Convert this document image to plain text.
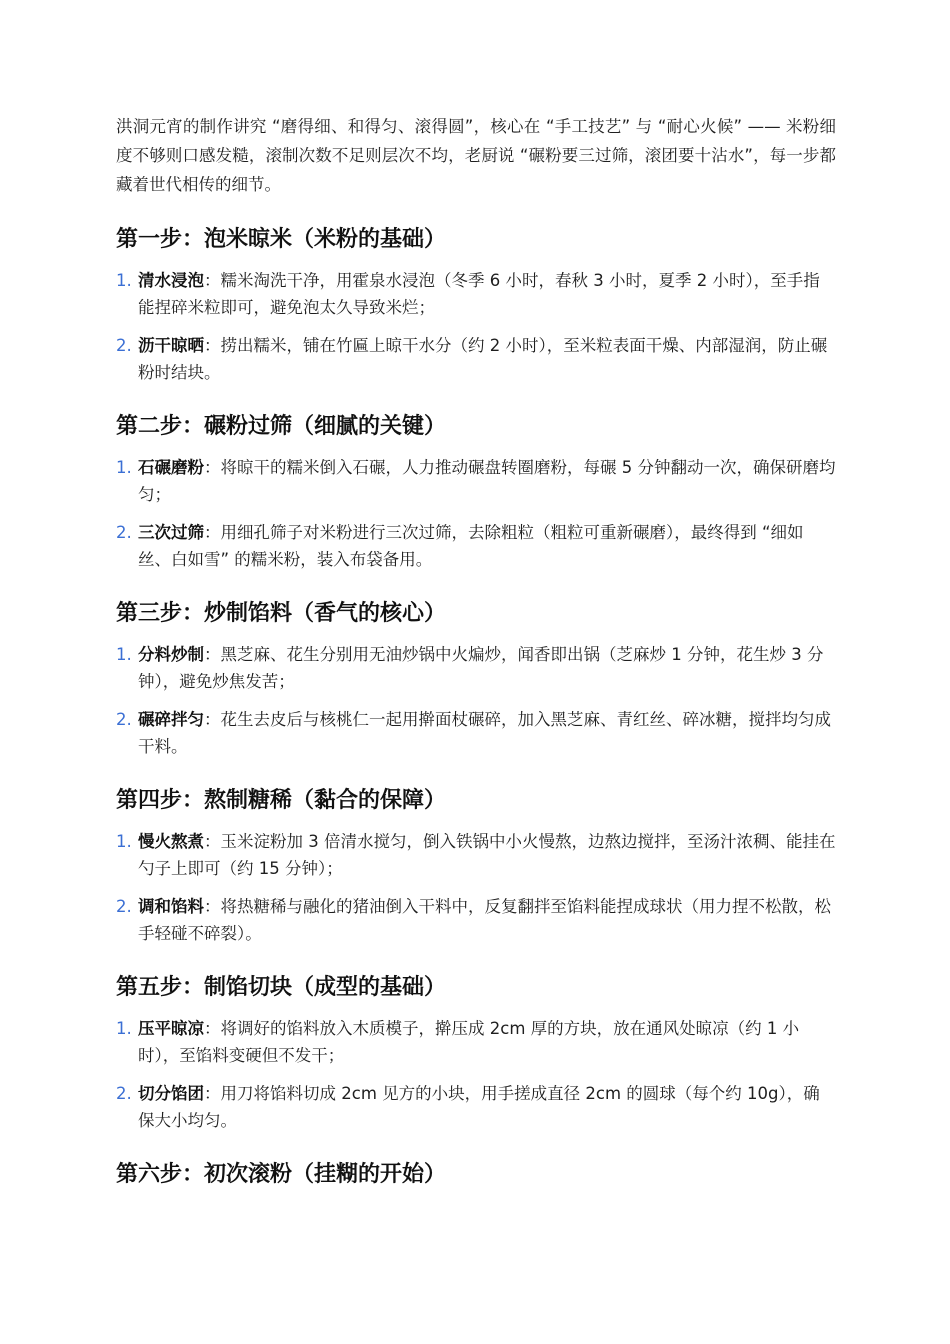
洪洞元宵的制作讲究 “磨得细、和得匀、滚得圆”，核心在 “手工技艺” 与 “耐心火候” —— 米粉细度不够则口感发糙，滚制次数不足则层次不均，老厨说 “碾粉要三过筛，滚团要十沾水”，每一步都藏着世代相传的细节。

第一步：泡米晾米（米粉的基础）
1. 清水浸泡：糯米淘洗干净，用霍泉水浸泡（冬季 6 小时，春秋 3 小时，夏季 2 小时），至手指能捏碎米粒即可，避免泡太久导致米烂；
2. 沥干晾晒：捞出糯米，铺在竹匾上晾干水分（约 2 小时），至米粒表面干燥、内部湿润，防止碾粉时结块。
第二步：碾粉过筛（细腻的关键）
1. 石碾磨粉：将晾干的糯米倒入石碾，人力推动碾盘转圈磨粉，每碾 5 分钟翻动一次，确保研磨均匀；
2. 三次过筛：用细孔筛子对米粉进行三次过筛，去除粗粒（粗粒可重新碾磨），最终得到 “细如丝、白如雪” 的糯米粉，装入布袋备用。
第三步：炒制馅料（香气的核心）
1. 分料炒制：黑芝麻、花生分别用无油炒锅中火煸炒，闻香即出锅（芝麻炒 1 分钟，花生炒 3 分钟），避免炒焦发苦；
2. 碾碎拌匀：花生去皮后与核桃仁一起用擀面杖碾碎，加入黑芝麻、青红丝、碎冰糖，搅拌均匀成干料。
第四步：熬制糖稀（黏合的保障）
1. 慢火熬煮：玉米淀粉加 3 倍清水搅匀，倒入铁锅中小火慢熬，边熬边搅拌，至汤汁浓稠、能挂在勺子上即可（约 15 分钟）；
2. 调和馅料：将热糖稀与融化的猪油倒入干料中，反复翻拌至馅料能捏成球状（用力捏不松散，松手轻碰不碎裂）。
第五步：制馅切块（成型的基础）
1. 压平晾凉：将调好的馅料放入木质模子，擀压成 2cm 厚的方块，放在通风处晾凉（约 1 小时），至馅料变硬但不发干；
2. 切分馅团：用刀将馅料切成 2cm 见方的小块，用手搓成直径 2cm 的圆球（每个约 10g），确保大小均匀。
第六步：初次滚粉（挂糊的开始）
